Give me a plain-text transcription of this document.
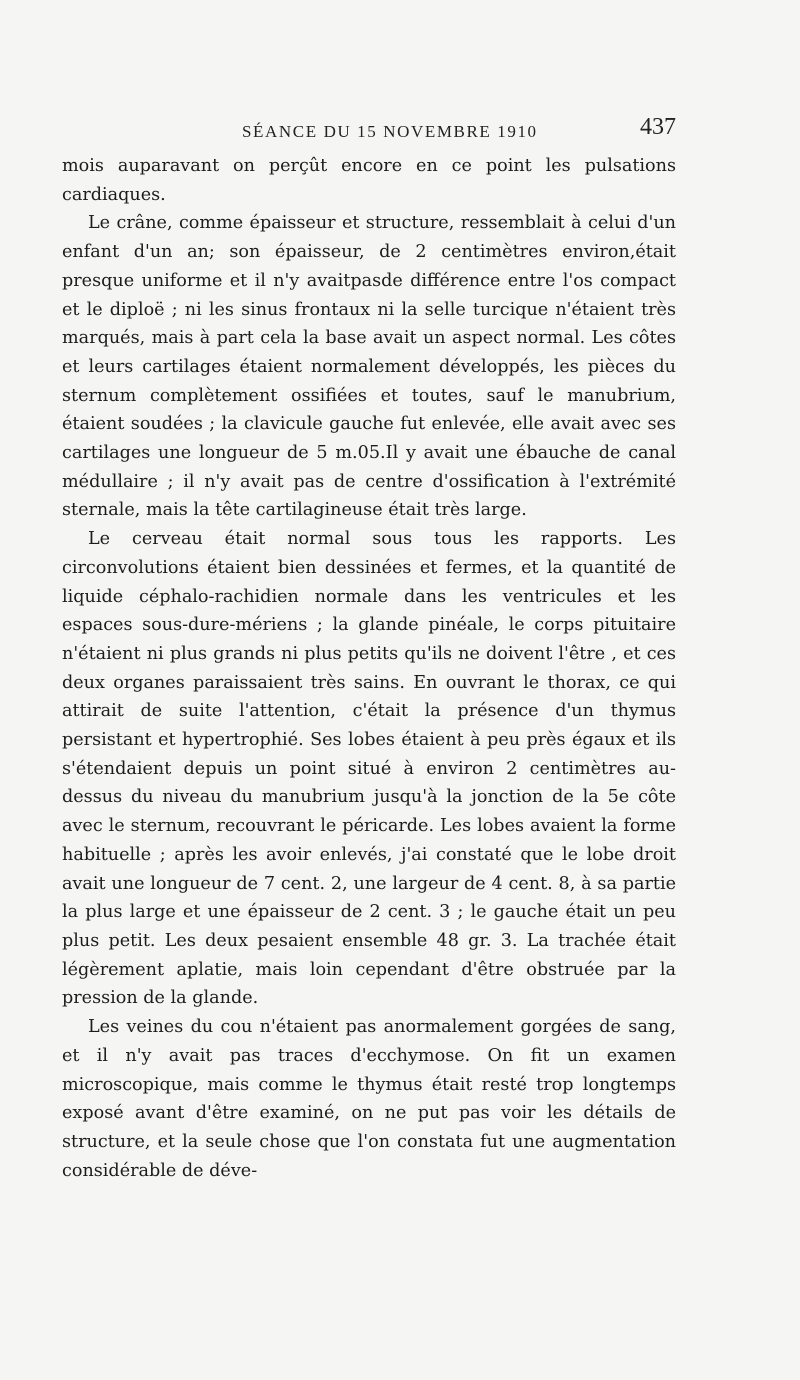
SÉANCE DU 15 NOVEMBRE 1910	437

mois auparavant on perçût encore en ce point les pulsations cardiaques.

Le crâne, comme épaisseur et structure, ressemblait à celui d'un enfant d'un an; son épaisseur, de 2 centimètres environ,était presque uniforme et il n'y avaitpasde différence entre l'os compact et le diploë ; ni les sinus frontaux ni la selle turcique n'étaient très marqués, mais à part cela la base avait un aspect normal. Les côtes et leurs cartilages étaient normalement développés, les pièces du sternum complètement ossifiées et toutes, sauf le manubrium, étaient soudées ; la clavicule gauche fut enlevée, elle avait avec ses cartilages une longueur de 5 m.05.Il y avait une ébauche de canal médullaire ; il n'y avait pas de centre d'ossification à l'extrémité sternale, mais la tête cartilagineuse était très large.

Le cerveau était normal sous tous les rapports. Les circonvolutions étaient bien dessinées et fermes, et la quantité de liquide céphalo-rachidien normale dans les ventricules et les espaces sous-dure-mériens ; la glande pinéale, le corps pituitaire n'étaient ni plus grands ni plus petits qu'ils ne doivent l'être , et ces deux organes paraissaient très sains. En ouvrant le thorax, ce qui attirait de suite l'attention, c'était la présence d'un thymus persistant et hypertrophié. Ses lobes étaient à peu près égaux et ils s'étendaient depuis un point situé à environ 2 centimètres au-dessus du niveau du manubrium jusqu'à la jonction de la 5e côte avec le sternum, recouvrant le péricarde. Les lobes avaient la forme habituelle ; après les avoir enlevés, j'ai constaté que le lobe droit avait une longueur de 7 cent. 2, une largeur de 4 cent. 8, à sa partie la plus large et une épaisseur de 2 cent. 3 ; le gauche était un peu plus petit. Les deux pesaient ensemble 48 gr. 3. La trachée était légèrement aplatie, mais loin cependant d'être obstruée par la pression de la glande.

Les veines du cou n'étaient pas anormalement gorgées de sang, et il n'y avait pas traces d'ecchymose. On fit un examen microscopique, mais comme le thymus était resté trop longtemps exposé avant d'être examiné, on ne put pas voir les détails de structure, et la seule chose que l'on constata fut une augmentation considérable de déve-
